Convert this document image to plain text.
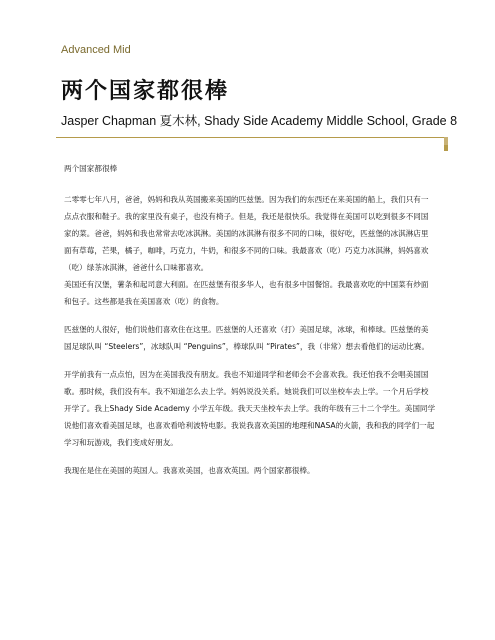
Advanced Mid
两个国家都很棒
Jasper Chapman 夏木林, Shady Side Academy Middle School, Grade 8

两个国家都很棒

二零零七年八月，爸爸，妈妈和我从英国搬来美国的匹兹堡。因为我们的东西还在来美国的船上，我们只有一点点衣服和鞋子。我的家里没有桌子，也没有椅子。但是，我还是很快乐。我觉得在美国可以吃到很多不同国家的菜。爸爸，妈妈和我也常常去吃冰淇淋。美国的冰淇淋有很多不同的口味，很好吃，匹兹堡的冰淇淋店里面有草莓，芒果，橘子，咖啡，巧克力，牛奶，和很多不同的口味。我最喜欢（吃）巧克力冰淇淋，妈妈喜欢（吃）绿茶冰淇淋，爸爸什么口味都喜欢。

美国还有汉堡，薯条和起司意大利面。在匹兹堡有很多华人，也有很多中国餐馆。我最喜欢吃的中国菜有炒面和包子。这些都是我在美国喜欢（吃）的食物。

匹兹堡的人很好，他们说他们喜欢住在这里。匹兹堡的人还喜欢（打）美国足球，冰球，和棒球。匹兹堡的美国足球队叫 “Steelers”，冰球队叫 “Penguins”，棒球队叫 “Pirates”，我（非常）想去看他们的运动比赛。

开学前我有一点点怕，因为在美国我没有朋友。我也不知道同学和老师会不会喜欢我。我还怕我不会唱美国国歌。那时候，我们没有车。我不知道怎么去上学。妈妈说没关系。她说我们可以坐校车去上学。一个月后学校开学了。我上Shady Side Academy 小学五年级。我天天坐校车去上学。我的年级有三十二个学生。美国同学说他们喜欢看美国足球，也喜欢看哈利波特电影。我说我喜欢美国的地理和NASA的火箭，我和我的同学们一起学习和玩游戏，我们变成好朋友。

我现在是住在美国的英国人。我喜欢美国，也喜欢英国。两个国家都很棒。
